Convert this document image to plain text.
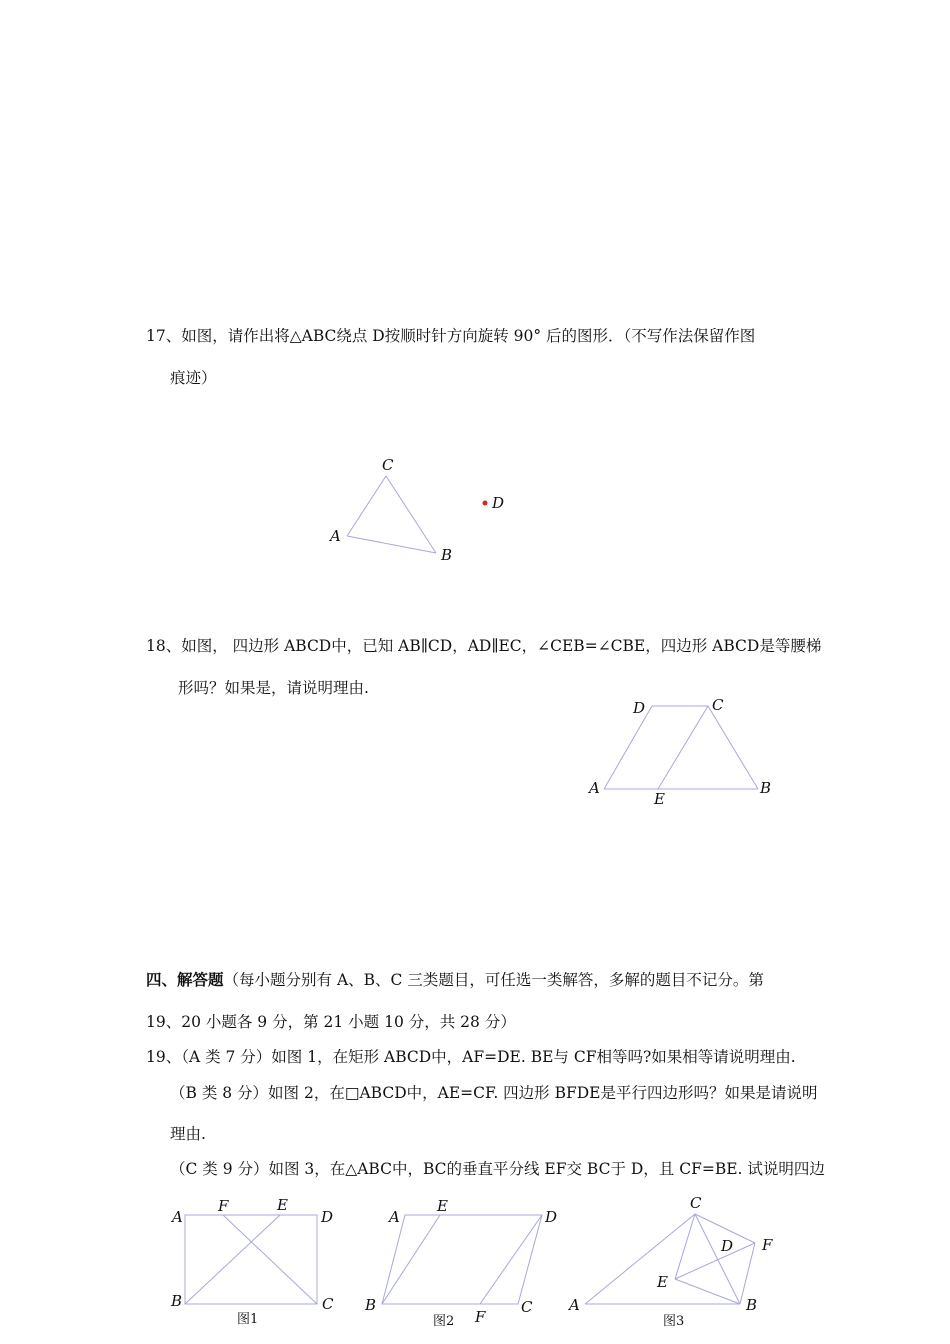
17、如图，请作出将△ABC绕点 D按顺时针方向旋转 90° 后的图形．（不写作法保留作图
痕迹）
18、如图， 四边形 ABCD中，已知 AB∥CD，AD∥EC，∠CEB=∠CBE，四边形 ABCD是等腰梯
形吗？如果是，请说明理由.
四、解答题（每小题分别有 A、B、C 三类题目，可任选一类解答，多解的题目不记分。第
19、20 小题各 9 分，第 21 小题 10 分，共 28 分）
19、（A 类 7 分）如图 1，在矩形 ABCD中，AF=DE. BE与 CF相等吗?如果相等请说明理由.
（B 类 8 分）如图 2，在□ABCD中，AE=CF. 四边形 BFDE是平行四边形吗？如果是请说明
理由.
（C 类 9 分）如图 3，在△ABC中，BC的垂直平分线 EF交 BC于 D，且 CF=BE. 试说明四边
C
A
B
D
D	C
A	B
E
A
F	E
D
B	C
图1
A
E
D
B
F
C
图2
C
D F
E
A	B
图3
